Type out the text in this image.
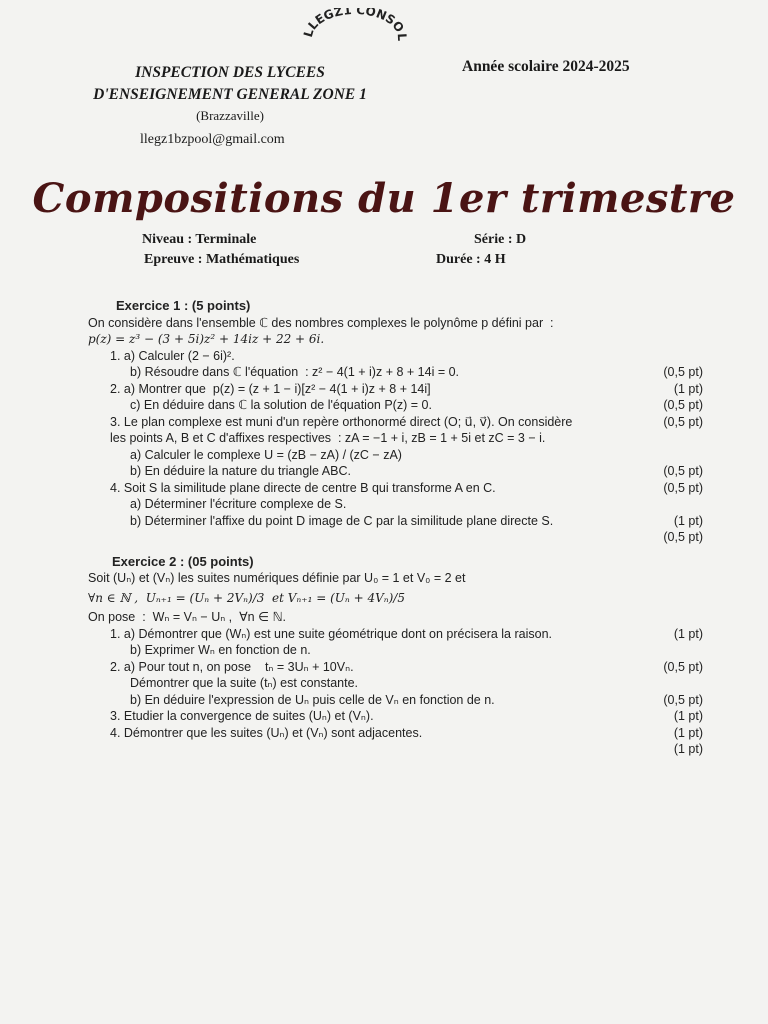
LLEGZ1 CONSOL
INSPECTION DES LYCEES
D'ENSEIGNEMENT GENERAL ZONE 1
(Brazzaville)
llegz1bzpool@gmail.com
Année scolaire 2024-2025
Compositions du 1er trimestre
Niveau : Terminale	Série : D
Epreuve : Mathématiques	Durée : 4 H
Exercice 1 : (5 points)
On considère dans l'ensemble ℂ des nombres complexes le polynôme p défini par  :
p(z) = z³ − (3 + 5i)z² + 14iz + 22 + 6i.
1. a) Calculer (2 − 6i)².
b) Résoudre dans ℂ l'équation  : z² − 4(1 + i)z + 8 + 14i = 0.	(0,5 pt)
2. a) Montrer que  p(z) = (z + 1 − i)[z² − 4(1 + i)z + 8 + 14i]	(1 pt)
c) En déduire dans ℂ la solution de l'équation P(z) = 0.	(0,5 pt)
3. Le plan complexe est muni d'un repère orthonormé direct (O; u⃗, v⃗). On considère	(0,5 pt)
les points A, B et C d'affixes respectives  : zA = −1 + i, zB = 1 + 5i et zC = 3 − i.
a) Calculer le complexe U = (zB − zA) / (zC − zA)
b) En déduire la nature du triangle ABC.	(0,5 pt)
4. Soit S la similitude plane directe de centre B qui transforme A en C.	(0,5 pt)
a) Déterminer l'écriture complexe de S.
b) Déterminer l'affixe du point D image de C par la similitude plane directe S.	(1 pt)
(0,5 pt)
Exercice 2 : (05 points)
Soit (Uₙ) et (Vₙ) les suites numériques définie par U₀ = 1 et V₀ = 2 et
∀n ∈ ℕ ,  Uₙ₊₁ = (Uₙ + 2Vₙ)/3  et Vₙ₊₁ = (Uₙ + 4Vₙ)/5
On pose  :  Wₙ = Vₙ − Uₙ ,  ∀n ∈ ℕ.
1. a) Démontrer que (Wₙ) est une suite géométrique dont on précisera la raison.	(1 pt)
b) Exprimer Wₙ en fonction de n.
2. a) Pour tout n, on pose    tₙ = 3Uₙ + 10Vₙ.	(0,5 pt)
Démontrer que la suite (tₙ) est constante.
b) En déduire l'expression de Uₙ puis celle de Vₙ en fonction de n.	(0,5 pt)
3. Etudier la convergence de suites (Uₙ) et (Vₙ).	(1 pt)
4. Démontrer que les suites (Uₙ) et (Vₙ) sont adjacentes.	(1 pt)
(1 pt)
